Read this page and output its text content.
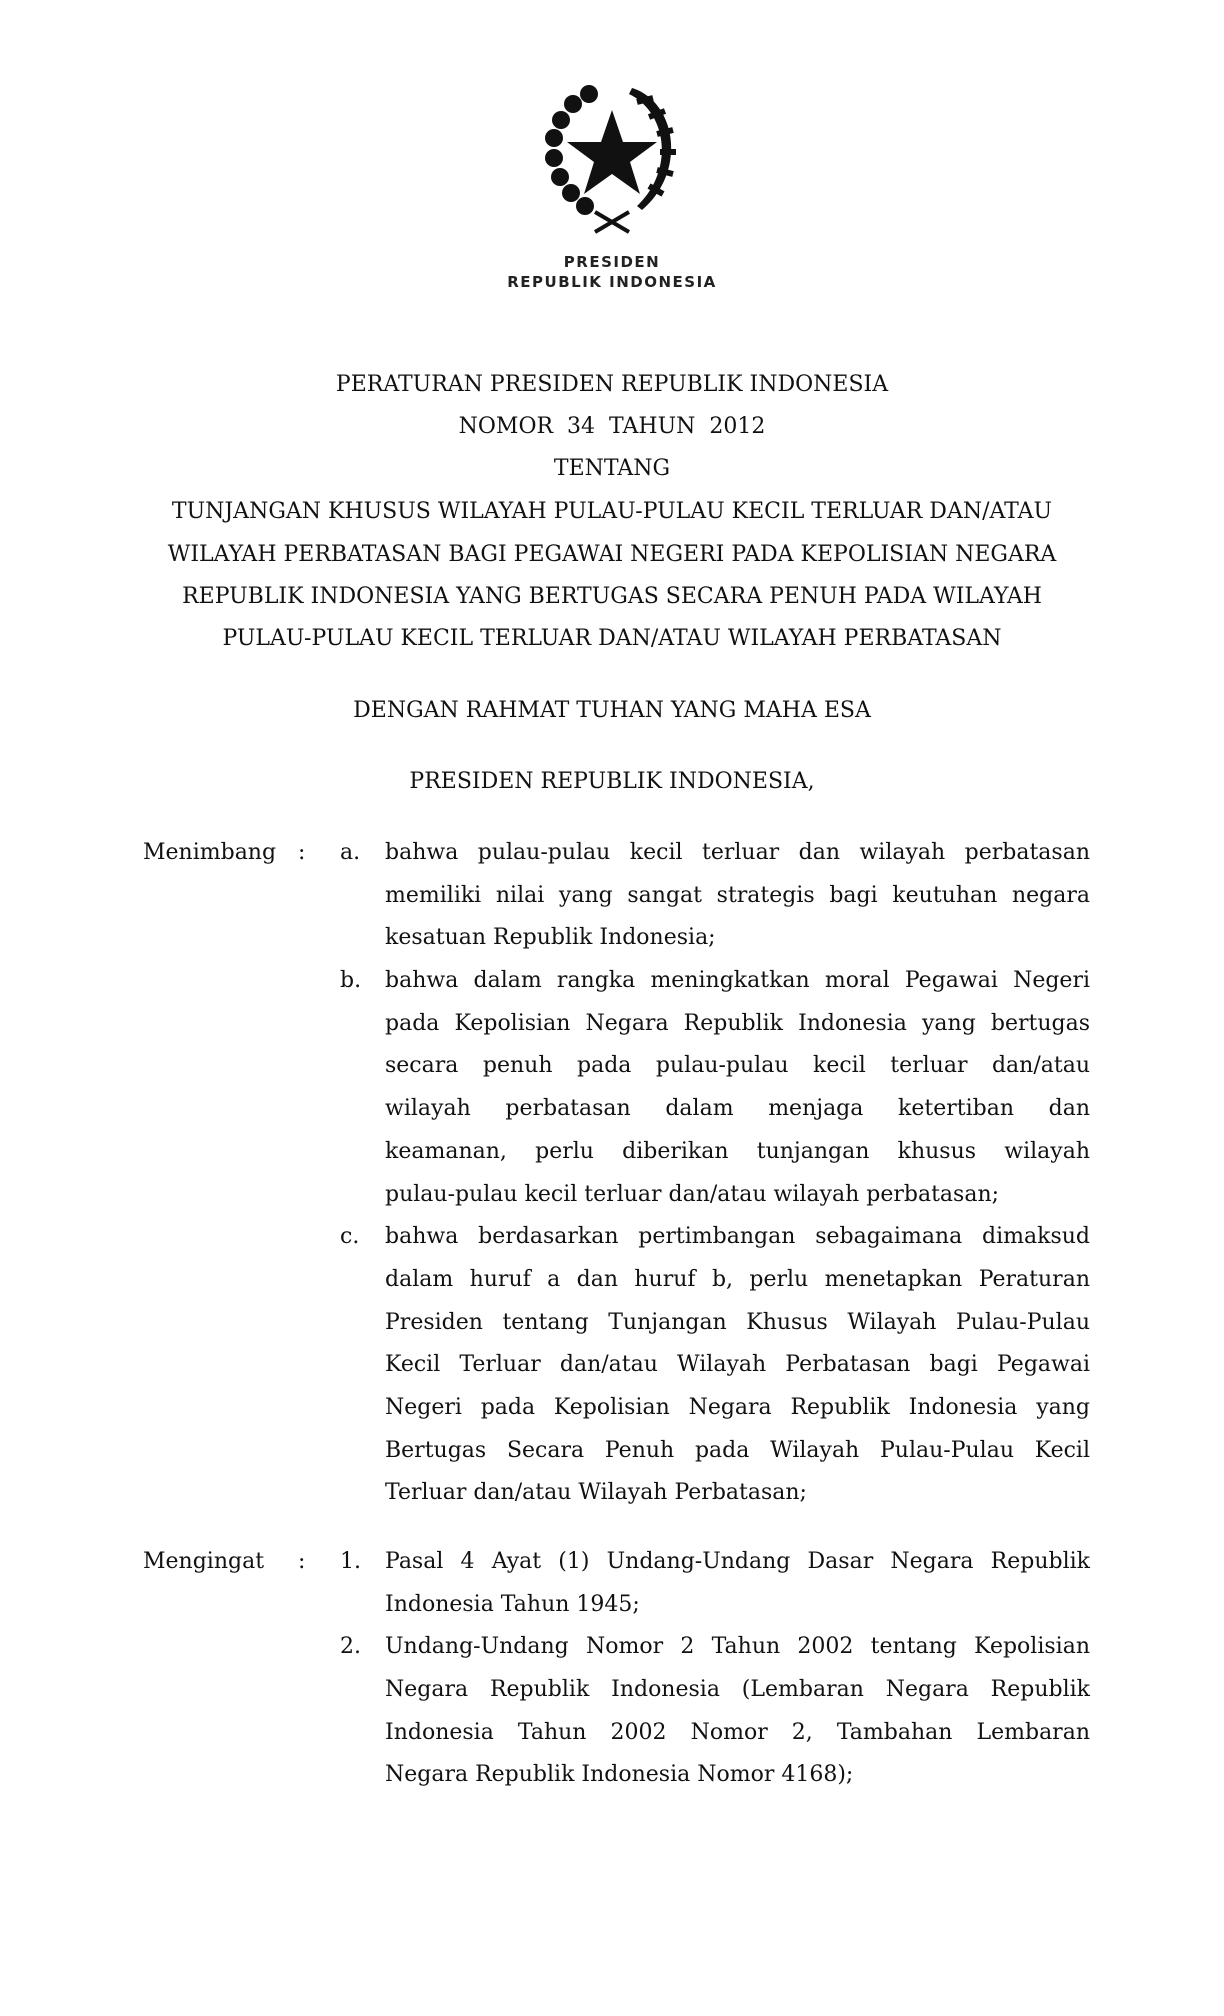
PRESIDEN
REPUBLIK INDONESIA
PERATURAN PRESIDEN REPUBLIK INDONESIA
NOMOR  34  TAHUN  2012
TENTANG
TUNJANGAN KHUSUS WILAYAH PULAU-PULAU KECIL TERLUAR DAN/ATAU
WILAYAH PERBATASAN BAGI PEGAWAI NEGERI PADA KEPOLISIAN NEGARA
REPUBLIK INDONESIA YANG BERTUGAS SECARA PENUH PADA WILAYAH
PULAU-PULAU KECIL TERLUAR DAN/ATAU WILAYAH PERBATASAN
DENGAN RAHMAT TUHAN YANG MAHA ESA
PRESIDEN REPUBLIK INDONESIA,
Menimbang : a.	bahwa pulau-pulau kecil terluar dan wilayah perbatasan
memiliki nilai yang sangat strategis bagi keutuhan negara
kesatuan Republik Indonesia;
b.	bahwa dalam rangka meningkatkan moral Pegawai Negeri
pada Kepolisian Negara Republik Indonesia yang bertugas
secara penuh pada pulau-pulau kecil terluar dan/atau
wilayah perbatasan dalam menjaga ketertiban dan
keamanan, perlu diberikan tunjangan khusus wilayah
pulau-pulau kecil terluar dan/atau wilayah perbatasan;
c.	bahwa berdasarkan pertimbangan sebagaimana dimaksud
dalam huruf a dan huruf b, perlu menetapkan Peraturan
Presiden tentang Tunjangan Khusus Wilayah Pulau-Pulau
Kecil Terluar dan/atau Wilayah Perbatasan bagi Pegawai
Negeri pada Kepolisian Negara Republik Indonesia yang
Bertugas Secara Penuh pada Wilayah Pulau-Pulau Kecil
Terluar dan/atau Wilayah Perbatasan;
Mengingat : 1.	Pasal 4 Ayat (1) Undang-Undang Dasar Negara Republik
Indonesia Tahun 1945;
2.	Undang-Undang Nomor 2 Tahun 2002 tentang Kepolisian
Negara Republik Indonesia (Lembaran Negara Republik
Indonesia Tahun 2002 Nomor 2, Tambahan Lembaran
Negara Republik Indonesia Nomor 4168);
